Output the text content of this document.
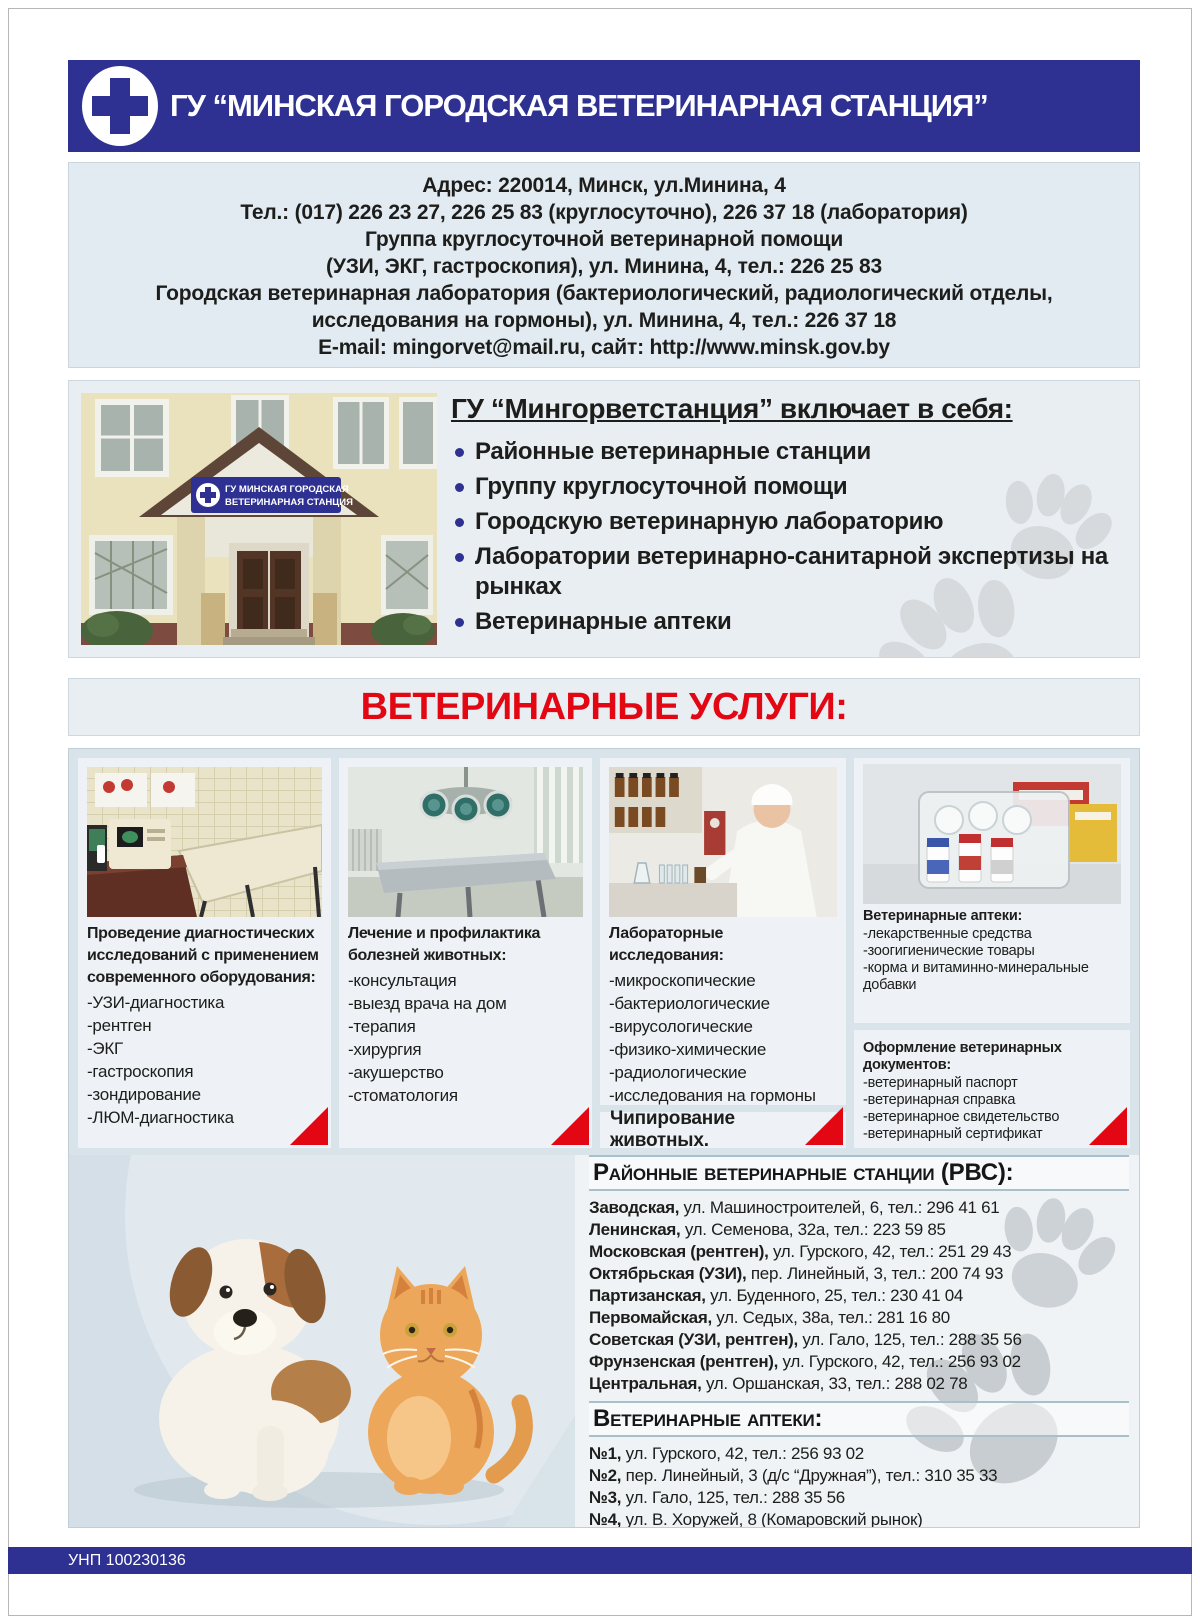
ГУ “МИНСКАЯ ГОРОДСКАЯ ВЕТЕРИНАРНАЯ СТАНЦИЯ”

Адрес: 220014, Минск, ул.Минина, 4

Тел.: (017) 226 23 27, 226 25 83 (круглосуточно), 226 37 18 (лаборатория)

Группа круглосуточной ветеринарной помощи

(УЗИ, ЭКГ, гастроскопия), ул. Минина, 4, тел.: 226 25 83

Городская ветеринарная лаборатория (бактериологический, радиологический отделы,

исследования на гормоны), ул. Минина, 4, тел.: 226 37 18

E-mail: mingorvet@mail.ru, сайт: http://www.minsk.gov.by

ГУ МИНСКАЯ ГОРОДСКАЯ
ВЕТЕРИНАРНАЯ СТАНЦИЯ
ГУ “Мингорветстанция” включает в себя:
Районные ветеринарные станции
Группу круглосуточной помощи
Городскую ветеринарную лабораторию
Лаборатории ветеринарно-санитарной экспертизы на рынках
Ветеринарные аптеки
ВЕТЕРИНАРНЫЕ УСЛУГИ:
Проведение диагностических исследований с применением современного оборудования:
-УЗИ-диагностика
-рентген
-ЭКГ
-гастроскопия
-зондирование
-ЛЮМ-диагностика
Лечение и профилактика болезней животных:
-консультация
-выезд врача на дом
-терапия
-хирургия
-акушерство
-стоматология
Лабораторные исследования:
-микроскопические
-бактериологические
-вирусологические
-физико-химические
-радиологические
-исследования на гормоны
Чипирование животных.
Ветеринарные аптеки:
-лекарственные средства
-зоогигиенические товары
-корма и витаминно-минеральные добавки
Оформление ветеринарных документов:
-ветеринарный паспорт
-ветеринарная справка
-ветеринарное свидетельство
-ветеринарный сертификат
Районные ветеринарные станции (РВС):
Заводская, ул. Машиностроителей, 6, тел.: 296 41 61
Ленинская, ул. Семенова, 32а, тел.: 223 59 85
Московская (рентген), ул. Гурского, 42, тел.: 251 29 43
Октябрьская (УЗИ), пер. Линейный, 3, тел.: 200 74 93
Партизанская, ул. Буденного, 25, тел.: 230 41 04
Первомайская, ул. Седых, 38а, тел.: 281 16 80
Советская (УЗИ, рентген), ул. Гало, 125, тел.: 288 35 56
Фрунзенская (рентген), ул. Гурского, 42, тел.: 256 93 02
Центральная, ул. Оршанская, 33, тел.: 288 02 78
Ветеринарные аптеки:
№1, ул. Гурского, 42, тел.: 256 93 02
№2, пер. Линейный, 3 (д/с “Дружная”), тел.: 310 35 33
№3, ул. Гало, 125, тел.: 288 35 56
№4, ул. В. Хоружей, 8 (Комаровский рынок)
УНП 100230136
